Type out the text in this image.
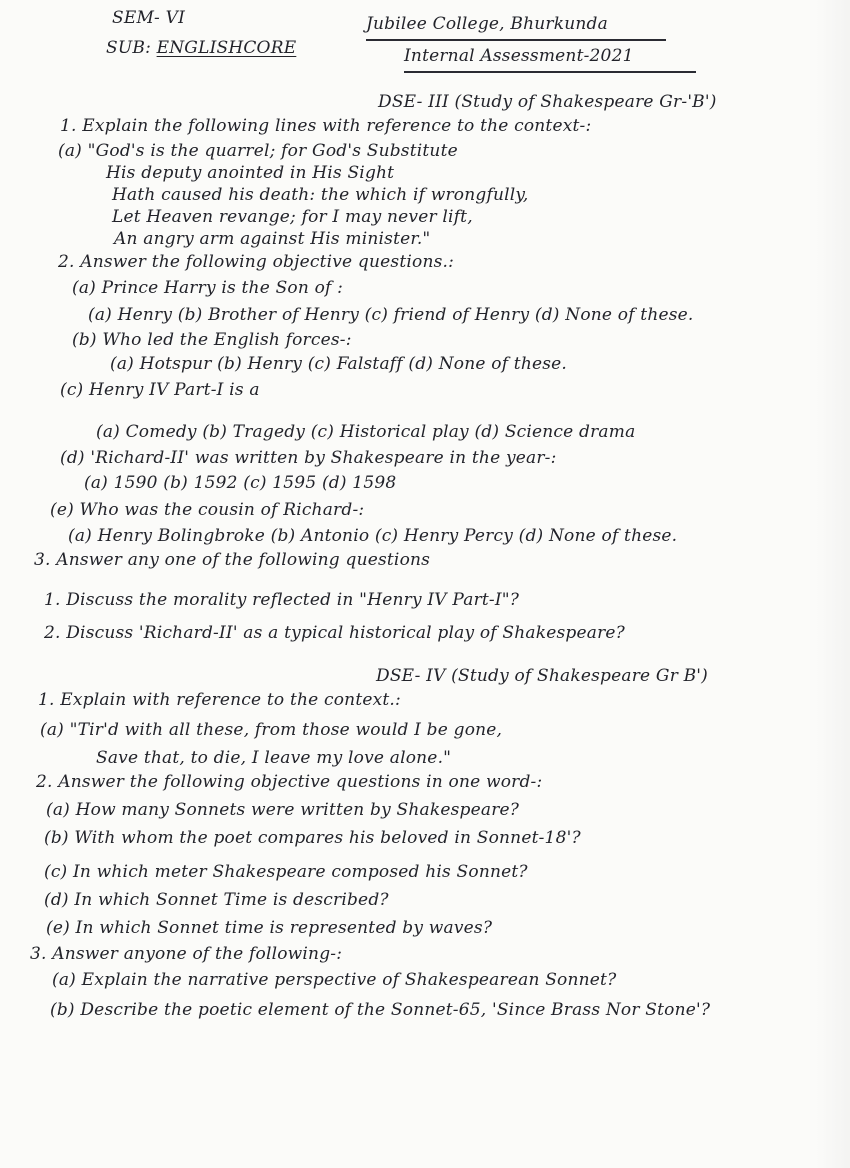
SEM- VI
SUB: ENGLISHCORE
Jubilee College, Bhurkunda
Internal Assessment-2021
DSE- III (Study of Shakespeare Gr-'B')
1. Explain the following lines with reference to the context-:
(a) "God's is the quarrel; for God's Substitute
His deputy anointed in His Sight
Hath caused his death: the which if wrongfully,
Let Heaven revange; for I may never lift,
An angry arm against His minister."
2. Answer the following objective questions.:
(a) Prince Harry is the Son of :
(a) Henry (b) Brother of Henry (c) friend of Henry (d) None of these.
(b) Who led the English forces-:
(a) Hotspur (b) Henry (c) Falstaff (d) None of these.
(c) Henry IV Part-I is a
(a) Comedy (b) Tragedy (c) Historical play (d) Science drama
(d) 'Richard-II' was written by Shakespeare in the year-:
(a) 1590 (b) 1592 (c) 1595 (d) 1598
(e) Who was the cousin of Richard-:
(a) Henry Bolingbroke (b) Antonio (c) Henry Percy (d) None of these.
3. Answer any one of the following questions
1. Discuss the morality reflected in "Henry IV Part-I"?
2. Discuss 'Richard-II' as a typical historical play of Shakespeare?
DSE- IV (Study of Shakespeare Gr B')
1. Explain with reference to the context.:
(a) "Tir'd with all these, from those would I be gone,
Save that, to die, I leave my love alone."
2. Answer the following objective questions in one word-:
(a) How many Sonnets were written by Shakespeare?
(b) With whom the poet compares his beloved in Sonnet-18'?
(c) In which meter Shakespeare composed his Sonnet?
(d) In which Sonnet Time is described?
(e) In which Sonnet time is represented by waves?
3. Answer anyone of the following-:
(a) Explain the narrative perspective of Shakespearean Sonnet?
(b) Describe the poetic element of the Sonnet-65, 'Since Brass Nor Stone'?
